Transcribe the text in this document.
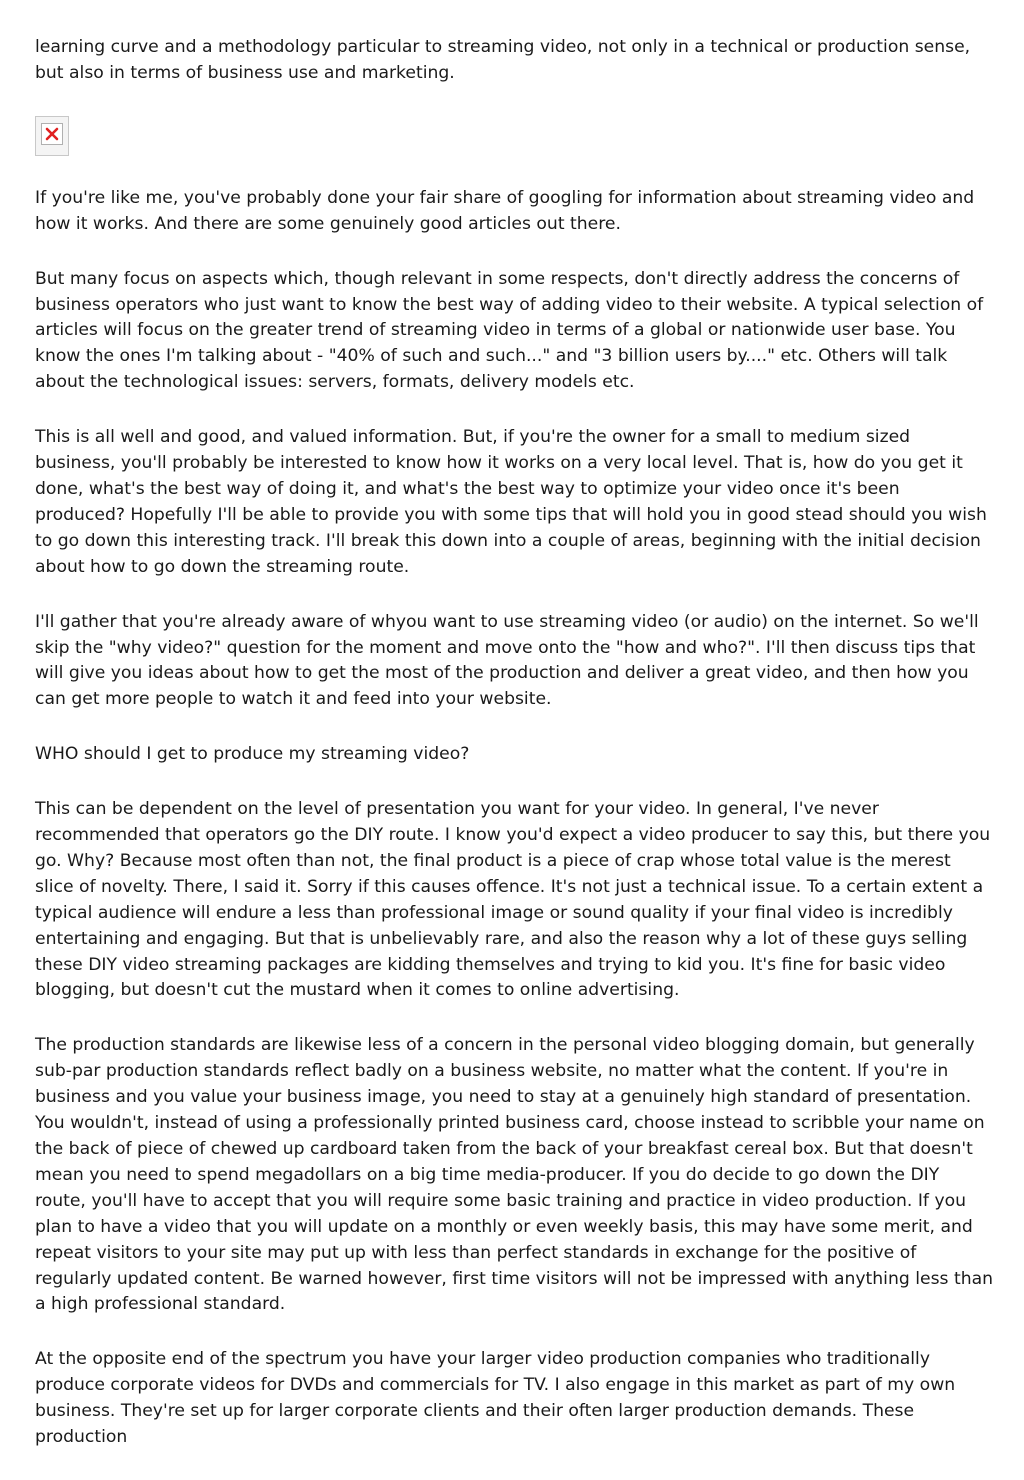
learning curve and a methodology particular to streaming video, not only in a technical or production sense, but also in terms of business use and marketing.

If you're like me, you've probably done your fair share of googling for information about streaming video and how it works. And there are some genuinely good articles out there.

But many focus on aspects which, though relevant in some respects, don't directly address the concerns of business operators who just want to know the best way of adding video to their website. A typical selection of articles will focus on the greater trend of streaming video in terms of a global or nationwide user base. You know the ones I'm talking about - "40% of such and such..." and "3 billion users by...." etc. Others will talk about the technological issues: servers, formats, delivery models etc.

This is all well and good, and valued information. But, if you're the owner for a small to medium sized business, you'll probably be interested to know how it works on a very local level. That is, how do you get it done, what's the best way of doing it, and what's the best way to optimize your video once it's been produced? Hopefully I'll be able to provide you with some tips that will hold you in good stead should you wish to go down this interesting track. I'll break this down into a couple of areas, beginning with the initial decision about how to go down the streaming route.

I'll gather that you're already aware of whyou want to use streaming video (or audio) on the internet. So we'll skip the "why video?" question for the moment and move onto the "how and who?". I'll then discuss tips that will give you ideas about how to get the most of the production and deliver a great video, and then how you can get more people to watch it and feed into your website.

WHO should I get to produce my streaming video?

This can be dependent on the level of presentation you want for your video. In general, I've never recommended that operators go the DIY route. I know you'd expect a video producer to say this, but there you go. Why? Because most often than not, the final product is a piece of crap whose total value is the merest slice of novelty. There, I said it. Sorry if this causes offence. It's not just a technical issue. To a certain extent a typical audience will endure a less than professional image or sound quality if your final video is incredibly entertaining and engaging. But that is unbelievably rare, and also the reason why a lot of these guys selling these DIY video streaming packages are kidding themselves and trying to kid you. It's fine for basic video blogging, but doesn't cut the mustard when it comes to online advertising.

The production standards are likewise less of a concern in the personal video blogging domain, but generally sub-par production standards reflect badly on a business website, no matter what the content. If you're in business and you value your business image, you need to stay at a genuinely high standard of presentation. You wouldn't, instead of using a professionally printed business card, choose instead to scribble your name on the back of piece of chewed up cardboard taken from the back of your breakfast cereal box. But that doesn't mean you need to spend megadollars on a big time media-producer. If you do decide to go down the DIY route, you'll have to accept that you will require some basic training and practice in video production. If you plan to have a video that you will update on a monthly or even weekly basis, this may have some merit, and repeat visitors to your site may put up with less than perfect standards in exchange for the positive of regularly updated content. Be warned however, first time visitors will not be impressed with anything less than a high professional standard.

At the opposite end of the spectrum you have your larger video production companies who traditionally produce corporate videos for DVDs and commercials for TV. I also engage in this market as part of my own business. They're set up for larger corporate clients and their often larger production demands. These production
